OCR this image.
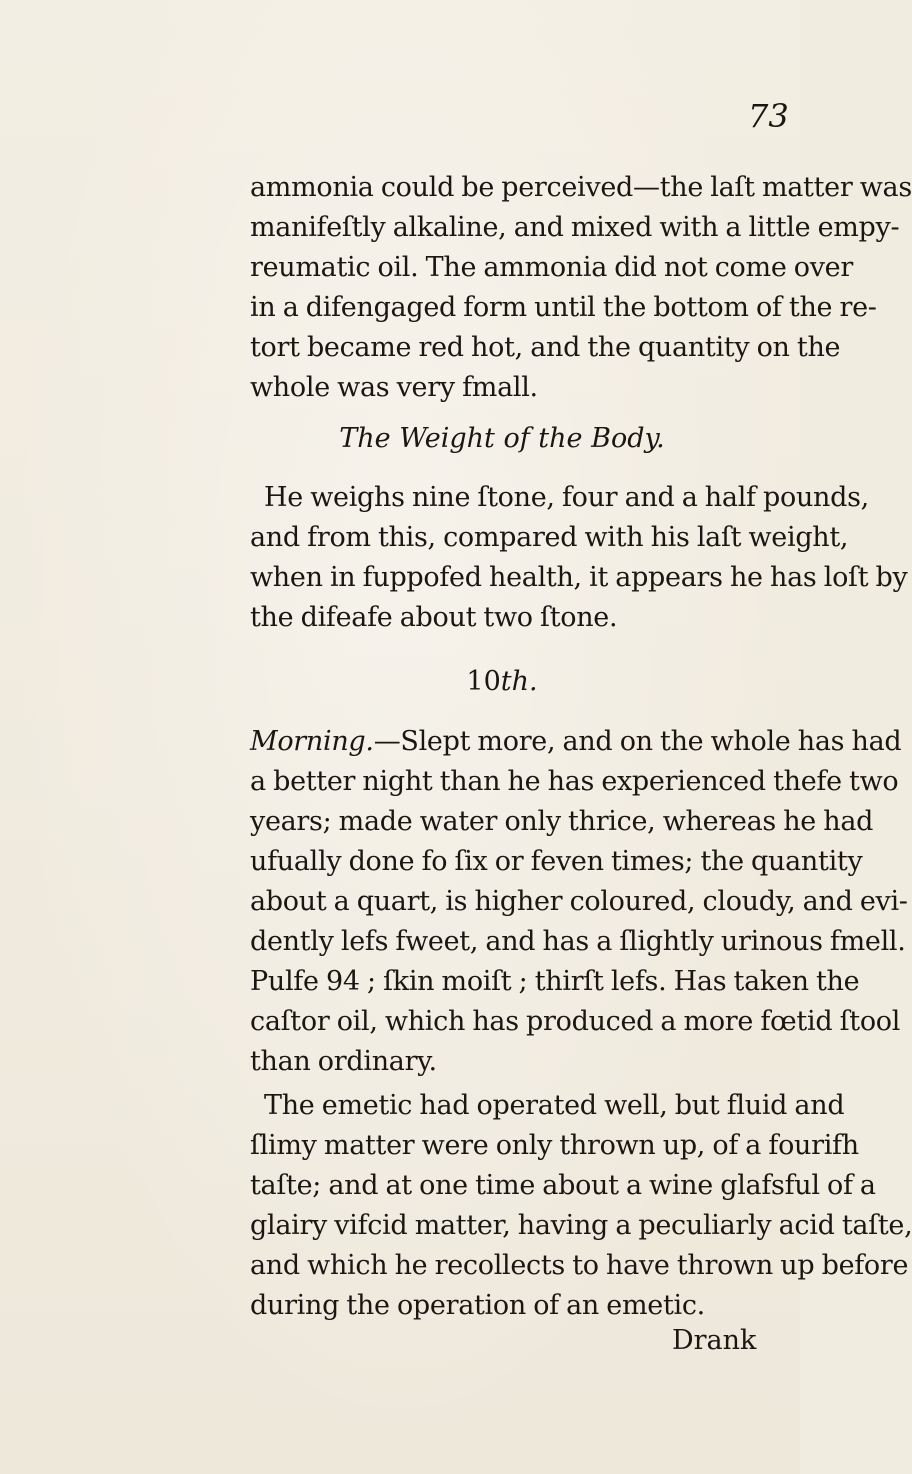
73
ammonia could be perceived—the laſt matter was
manifeſtly alkaline, and mixed with a little empy-
reumatic oil. The ammonia did not come over
in a difengaged form until the bottom of the re-
tort became red hot, and the quantity on the
whole was very fmall.
The Weight of the Body.
He weighs nine ſtone, four and a half pounds,
and from this, compared with his laſt weight,
when in fuppofed health, it appears he has loſt by
the difeafe about two ſtone.
10th.
Morning.—Slept more, and on the whole has had
a better night than he has experienced thefe two
years; made water only thrice, whereas he had
ufually done fo ſix or feven times; the quantity
about a quart, is higher coloured, cloudy, and evi-
dently lefs fweet, and has a ſlightly urinous fmell.
Pulfe 94 ; ſkin moiſt ; thirſt lefs. Has taken the
caſtor oil, which has produced a more fœtid ſtool
than ordinary.
The emetic had operated well, but fluid and
ſlimy matter were only thrown up, of a fourifh
taſte; and at one time about a wine glafsful of a
glairy vifcid matter, having a peculiarly acid taſte,
and which he recollects to have thrown up before
during the operation of an emetic.
Drank
